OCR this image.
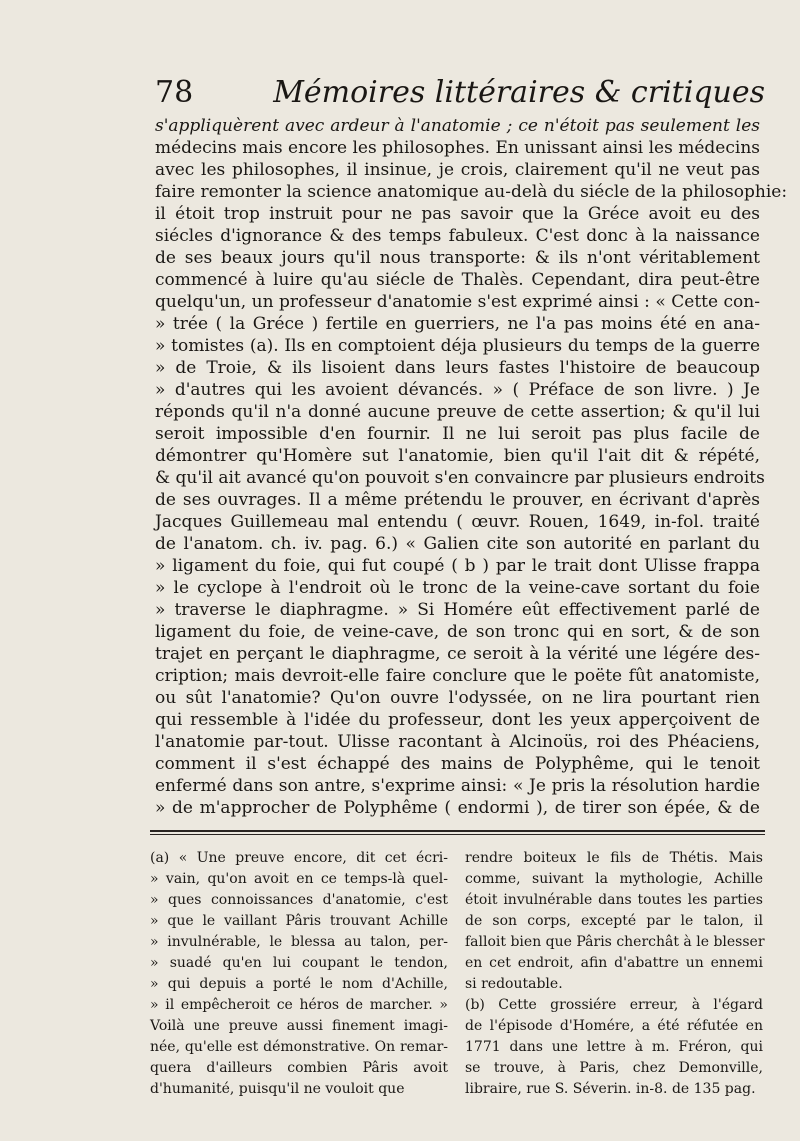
78	Mémoires littéraires & critiques
s'appliquèrent avec ardeur à l'anatomie ; ce n'étoit pas seulement les
médecins mais encore les philosophes. En unissant ainsi les médecins
avec les philosophes, il insinue, je crois, clairement qu'il ne veut pas
faire remonter la science anatomique au-delà du siécle de la philosophie:
il étoit trop instruit pour ne pas savoir que la Gréce avoit eu des
siécles d'ignorance & des temps fabuleux. C'est donc à la naissance
de ses beaux jours qu'il nous transporte: & ils n'ont véritablement
commencé à luire qu'au siécle de Thalès. Cependant, dira peut-être
quelqu'un, un professeur d'anatomie s'est exprimé ainsi : « Cette con-
» trée ( la Gréce ) fertile en guerriers, ne l'a pas moins été en ana-
» tomistes (a). Ils en comptoient déja plusieurs du temps de la guerre
» de Troie, & ils lisoient dans leurs fastes l'histoire de beaucoup
» d'autres qui les avoient dévancés. » ( Préface de son livre. ) Je
réponds qu'il n'a donné aucune preuve de cette assertion; & qu'il lui
seroit impossible d'en fournir. Il ne lui seroit pas plus facile de
démontrer qu'Homère sut l'anatomie, bien qu'il l'ait dit & répété,
& qu'il ait avancé qu'on pouvoit s'en convaincre par plusieurs endroits
de ses ouvrages. Il a même prétendu le prouver, en écrivant d'après
Jacques Guillemeau mal entendu ( œuvr. Rouen, 1649, in-fol. traité
de l'anatom. ch. iv. pag. 6.) « Galien cite son autorité en parlant du
» ligament du foie, qui fut coupé ( b ) par le trait dont Ulisse frappa
» le cyclope à l'endroit où le tronc de la veine-cave sortant du foie
» traverse le diaphragme. » Si Homére eût effectivement parlé de
ligament du foie, de veine-cave, de son tronc qui en sort, & de son
trajet en perçant le diaphragme, ce seroit à la vérité une légére des-
cription; mais devroit-elle faire conclure que le poëte fût anatomiste,
ou sût l'anatomie? Qu'on ouvre l'odyssée, on ne lira pourtant rien
qui ressemble à l'idée du professeur, dont les yeux apperçoivent de
l'anatomie par-tout. Ulisse racontant à Alcinoüs, roi des Phéaciens,
comment il s'est échappé des mains de Polyphême, qui le tenoit
enfermé dans son antre, s'exprime ainsi: « Je pris la résolution hardie
» de m'approcher de Polyphême ( endormi ), de tirer son épée, & de
(a) « Une preuve encore, dit cet écri-
» vain, qu'on avoit en ce temps-là quel-
» ques connoissances d'anatomie, c'est
» que le vaillant Pâris trouvant Achille
» invulnérable, le blessa au talon, per-
» suadé qu'en lui coupant le tendon,
» qui depuis a porté le nom d'Achille,
» il empêcheroit ce héros de marcher. »
Voilà une preuve aussi finement imagi-
née, qu'elle est démonstrative. On remar-
quera d'ailleurs combien Pâris avoit
d'humanité, puisqu'il ne vouloit que
rendre boiteux le fils de Thétis. Mais
comme, suivant la mythologie, Achille
étoit invulnérable dans toutes les parties
de son corps, excepté par le talon, il
falloit bien que Pâris cherchât à le blesser
en cet endroit, afin d'abattre un ennemi
si redoutable.
(b) Cette grossiére erreur, à l'égard
de l'épisode d'Homére, a été réfutée en
1771 dans une lettre à m. Fréron, qui
se trouve, à Paris, chez Demonville,
libraire, rue S. Séverin. in-8. de 135 pag.
